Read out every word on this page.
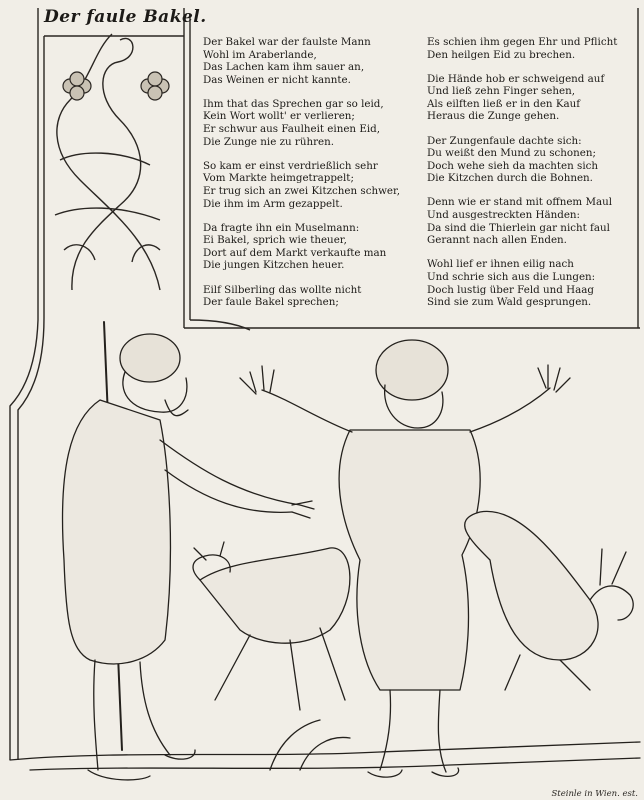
Der faule Bakel.
Der Bakel war der faulste Mann
Wohl im Araberlande,
Das Lachen kam ihm sauer an,
Das Weinen er nicht kannte.
Ihm that das Sprechen gar so leid,
Kein Wort wollt' er verlieren;
Er schwur aus Faulheit einen Eid,
Die Zunge nie zu rühren.
So kam er einst verdrießlich sehr
Vom Markte heimgetrappelt;
Er trug sich an zwei Kitzchen schwer,
Die ihm im Arm gezappelt.
Da fragte ihn ein Muselmann:
Ei Bakel, sprich wie theuer,
Dort auf dem Markt verkaufte man
Die jungen Kitzchen heuer.
Eilf Silberling das wollte nicht
Der faule Bakel sprechen;
Es schien ihm gegen Ehr und Pflicht
Den heilgen Eid zu brechen.
Die Hände hob er schweigend auf
Und ließ zehn Finger sehen,
Als eilften ließ er in den Kauf
Heraus die Zunge gehen.
Der Zungenfaule dachte sich:
Du weißt den Mund zu schonen;
Doch wehe sieh da machten sich
Die Kitzchen durch die Bohnen.
Denn wie er stand mit offnem Maul
Und ausgestreckten Händen:
Da sind die Thierlein gar nicht faul
Gerannt nach allen Enden.
Wohl lief er ihnen eilig nach
Und schrie sich aus die Lungen:
Doch lustig über Feld und Haag
Sind sie zum Wald gesprungen.
Steinle in Wien. est.
